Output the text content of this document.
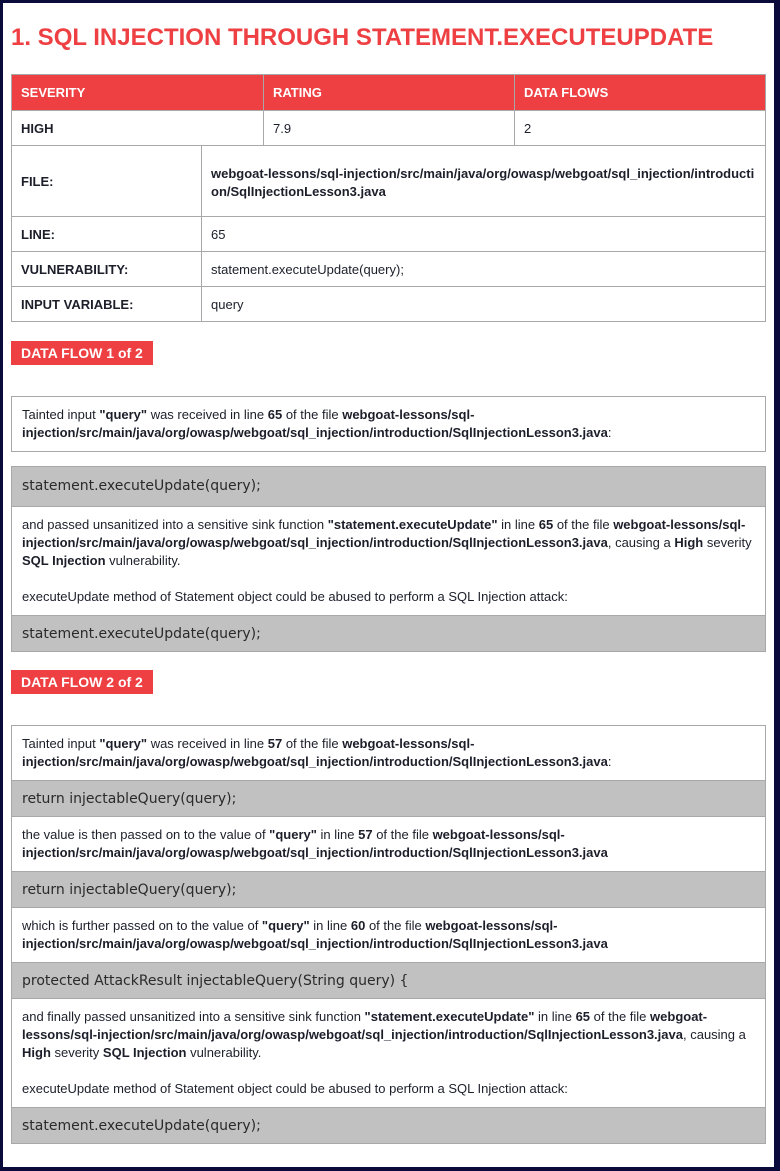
1. SQL INJECTION THROUGH STATEMENT.EXECUTEUPDATE
SEVERITY	RATING	DATA FLOWS
HIGH	7.9	2
FILE:	webgoat-lessons/sql-injection/src/main/java/org/owasp/webgoat/sql_injection/introduction/SqlInjectionLesson3.java
LINE:	65
VULNERABILITY:	statement.executeUpdate(query);
INPUT VARIABLE:	query
DATA FLOW 1 of 2
Tainted input "query" was received in line 65 of the file webgoat-lessons/sql-injection/src/main/java/org/owasp/webgoat/sql_injection/introduction/SqlInjectionLesson3.java:
statement.executeUpdate(query);
and passed unsanitized into a sensitive sink function "statement.executeUpdate" in line 65 of the file webgoat-lessons/sql-injection/src/main/java/org/owasp/webgoat/sql_injection/introduction/SqlInjectionLesson3.java, causing a High severity SQL Injection vulnerability.

executeUpdate method of Statement object could be abused to perform a SQL Injection attack:

statement.executeUpdate(query);
DATA FLOW 2 of 2
Tainted input "query" was received in line 57 of the file webgoat-lessons/sql-injection/src/main/java/org/owasp/webgoat/sql_injection/introduction/SqlInjectionLesson3.java:
return injectableQuery(query);
the value is then passed on to the value of "query" in line 57 of the file webgoat-lessons/sql-injection/src/main/java/org/owasp/webgoat/sql_injection/introduction/SqlInjectionLesson3.java
return injectableQuery(query);
which is further passed on to the value of "query" in line 60 of the file webgoat-lessons/sql-injection/src/main/java/org/owasp/webgoat/sql_injection/introduction/SqlInjectionLesson3.java
protected AttackResult injectableQuery(String query) {
and finally passed unsanitized into a sensitive sink function "statement.executeUpdate" in line 65 of the file webgoat-lessons/sql-injection/src/main/java/org/owasp/webgoat/sql_injection/introduction/SqlInjectionLesson3.java, causing a High severity SQL Injection vulnerability.

executeUpdate method of Statement object could be abused to perform a SQL Injection attack:

statement.executeUpdate(query);
